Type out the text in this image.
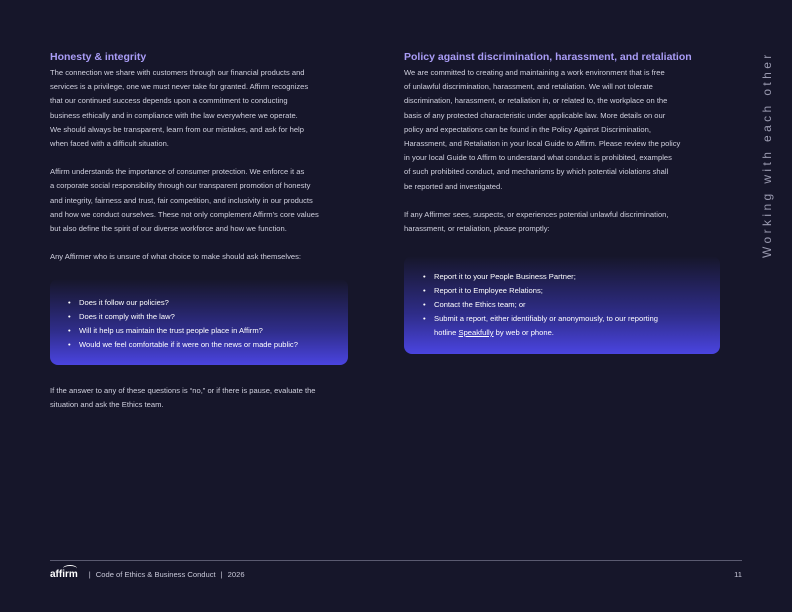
Honesty & integrity

The connection we share with customers through our financial products and
services is a privilege, one we must never take for granted. Affirm recognizes
that our continued success depends upon a commitment to conducting
business ethically and in compliance with the law everywhere we operate.
We should always be transparent, learn from our mistakes, and ask for help
when faced with a difficult situation.

Affirm understands the importance of consumer protection. We enforce it as
a corporate social responsibility through our transparent promotion of honesty
and integrity, fairness and trust, fair competition, and inclusivity in our products
and how we conduct ourselves. These not only complement Affirm's core values
but also define the spirit of our diverse workforce and how we function.

Any Affirmer who is unsure of what choice to make should ask themselves:

• Does it follow our policies?
• Does it comply with the law?
• Will it help us maintain the trust people place in Affirm?
• Would we feel comfortable if it were on the news or made public?

If the answer to any of these questions is “no,” or if there is pause, evaluate the
situation and ask the Ethics team.

Policy against discrimination, harassment, and retaliation

We are committed to creating and maintaining a work environment that is free
of unlawful discrimination, harassment, and retaliation. We will not tolerate
discrimination, harassment, or retaliation in, or related to, the workplace on the
basis of any protected characteristic under applicable law. More details on our
policy and expectations can be found in the Policy Against Discrimination,
Harassment, and Retaliation in your local Guide to Affirm. Please review the policy
in your local Guide to Affirm to understand what conduct is prohibited, examples
of such prohibited conduct, and mechanisms by which potential violations shall
be reported and investigated.

If any Affirmer sees, suspects, or experiences potential unlawful discrimination,
harassment, or retaliation, please promptly:

• Report it to your People Business Partner;
• Report it to Employee Relations;
• Contact the Ethics team; or
• Submit a report, either identifiably or anonymously, to our reporting
hotline Speakfully by web or phone.
Working with each other
affirm | Code of Ethics & Business Conduct | 2026	11
